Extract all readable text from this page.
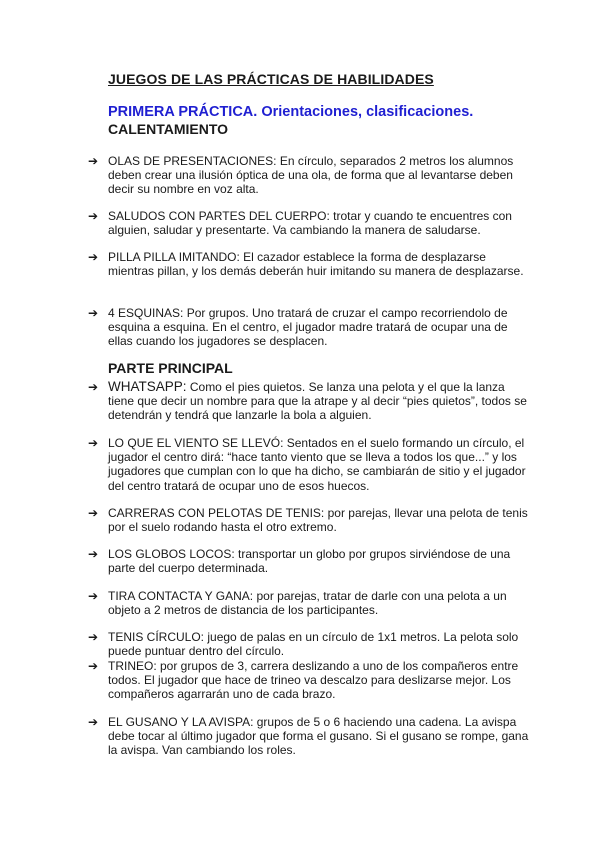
JUEGOS DE LAS PRÁCTICAS DE HABILIDADES
PRIMERA PRÁCTICA. Orientaciones, clasificaciones.
CALENTAMIENTO
➔ OLAS DE PRESENTACIONES: En círculo, separados 2 metros los alumnos deben crear una ilusión óptica de una ola, de forma que al levantarse deben decir su nombre en voz alta.
➔ SALUDOS CON PARTES DEL CUERPO: trotar y cuando te encuentres con alguien, saludar y presentarte. Va cambiando la manera de saludarse.
➔ PILLA PILLA IMITANDO: El cazador establece la forma de desplazarse mientras pillan, y los demás deberán huir imitando su manera de desplazarse.
➔ 4 ESQUINAS: Por grupos. Uno tratará de cruzar el campo recorriendolo de esquina a esquina. En el centro, el jugador madre tratará de ocupar una de ellas cuando los jugadores se desplacen.
PARTE PRINCIPAL
➔ WHATSAPP: Como el pies quietos. Se lanza una pelota y el que la lanza tiene que decir un nombre para que la atrape y al decir “pies quietos”, todos se detendrán y tendrá que lanzarle la bola a alguien.
➔ LO QUE EL VIENTO SE LLEVÓ: Sentados en el suelo formando un círculo, el jugador el centro dirá: “hace tanto viento que se lleva a todos los que...” y los jugadores que cumplan con lo que ha dicho, se cambiarán de sitio y el jugador del centro tratará de ocupar uno de esos huecos.
➔ CARRERAS CON PELOTAS DE TENIS: por parejas, llevar una pelota de tenis por el suelo rodando hasta el otro extremo.
➔ LOS GLOBOS LOCOS: transportar un globo por grupos sirviéndose de una parte del cuerpo determinada.
➔ TIRA CONTACTA Y GANA: por parejas, tratar de darle con una pelota a un objeto a 2 metros de distancia de los participantes.
➔ TENIS CÍRCULO: juego de palas en un círculo de 1x1 metros. La pelota solo puede puntuar dentro del círculo.
➔ TRINEO: por grupos de 3, carrera deslizando a uno de los compañeros entre todos. El jugador que hace de trineo va descalzo para deslizarse mejor. Los compañeros agarrarán uno de cada brazo.
➔ EL GUSANO Y LA AVISPA: grupos de 5 o 6 haciendo una cadena. La avispa debe tocar al último jugador que forma el gusano. Si el gusano se rompe, gana la avispa. Van cambiando los roles.
